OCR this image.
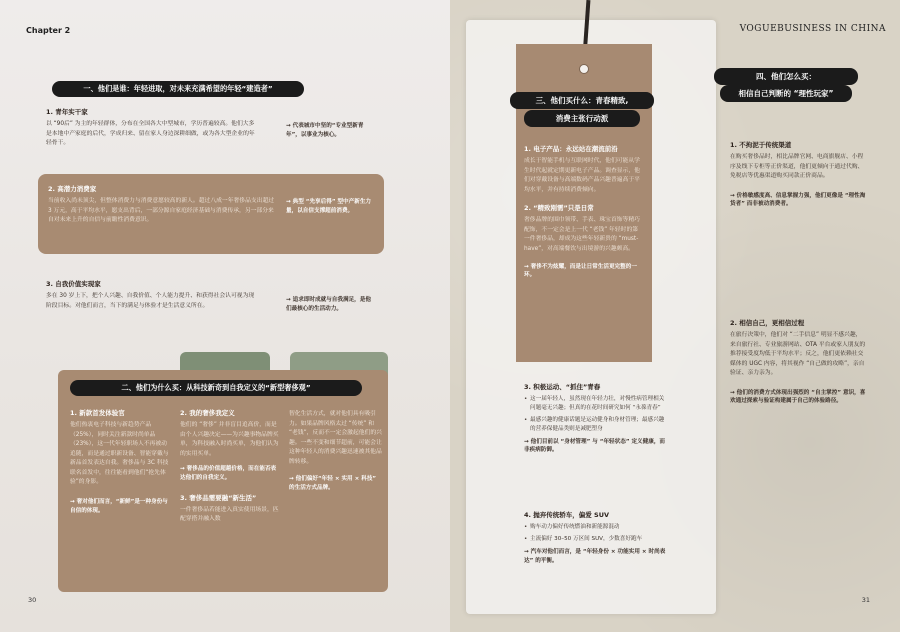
Chapter 2
一、他们是谁：年轻进取，对未来充满希望的年轻“建造者”
1. 青年实干家
以 “90后” 为主的年轻群体，分布在全国各大中型城市，学历普遍较高。他们大多是本地中产家庭的后代，学成归来、留在家人身边深耕细做，或为各大型企业的年轻骨干。
→ 代表城市中坚的“专业型新青年”，以事业为核心。
2. 高潜力消费家
当前收入尚未顶尖，但整体消费力与消费意愿较高的新人。超过八成一年奢侈品支出超过 3 万元，高于平均水平，愿支出背后，一部分源自家庭经济基础与消费传承，另一部分来自对未来上升的自信与前瞻性消费意识。
→ 典型 “先享后得” 型中产新生力量，以自信支撑超前消费。
3. 自我价值实现家
多在 30 岁上下，把个人兴趣、自我价值、个人能力提升、和获得社会认可视为现阶段目标。对他们而言，当下的满足与体验才是生活意义所在。
→ 追求即时成就与自我满足，是他们最核心的生活动力。
二、他们为什么买：从科技新奇到自我定义的“新型奢侈观”
1. 新款首发体验官
他们热衷电子科技与新趋势产品（25%），同时关注新款时尚单品（23%），这一代年轻职场人不再被动追随，而是通过职新设备、智能穿戴与新品首发表达自我。奢侈品与 3C 科技联名首发中，往往能看到他们“抢先体验”的身影。
→ 奢对他们而言，“新鲜”是一种身份与自信的体现。
2. 我的奢侈我定义
他们的 “奢侈” 并非盲目追高价，而是由个人兴趣决定——为兴趣事物品牌买单，为科技融入时尚买单，为他们认为的实用买单。
→ 奢侈品的价值超越价格，而在能否表达他们的自我定义。
3. 奢侈品需要融“新生活”
一件奢侈品若能进入真实使用场景，匹配穿搭并融入数
智化生活方式，就对他们具有吸引力。如果品牌风格太过 “传统” 和 “老钱”，反而不一定会激起他们的兴趣。一些不变和细节超前，可能会让这种年轻人的消费兴趣迅速被其他品牌转移。
→ 他们偏好“年轻 × 实用 × 科技” 的生活方式品牌。
30
VOGUEBUSINESS IN CHINA
1. 电子产品：永远站在潮流前沿
成长于智能手机与互联网时代，他们可能从学生时代起就定期更新电子产品。调查显示，他们对穿戴设备与高端数码产品兴趣普遍高于平均水平，并有持续消费倾向。
2. “精致刚需”只是日常
奢侈品牌的围巾领带、手表、珠宝首饰等精巧配饰，不一定会是上一代 “老钱” 年轻时的第一件奢侈品，却成为这些年轻新贵的 “must-have”，对高端餐饮与出境游的兴趣颇高。
→ 奢侈不为炫耀，而是让日常生活更完整的一环。
三、他们买什么：青春精致,
消费主张行动派
3. 积极运动、“抓住”青春
• 这一届年轻人，虽然现在年轻力壮，对慢性病管理相关问题毫无兴趣；但真的在花时间研究如何 “永葆青春”
• 最感兴趣的健康话题是运动健身和身材管理；最感兴趣的营养保健品类则是减肥塑身
→ 他们目前以 “身材管理” 与 “年轻状态” 定义健康，而非疾病防御。
4. 抛弃传统轿车，偏爱 SUV
• 购车动力偏好传统燃油和新能源混动
• 主流偏好 30–50 万区间 SUV，少数喜好跑车
→ 汽车对他们而言，是 “年轻身份 × 功能实用 × 时尚表达” 的平衡。
四、他们怎么买：
相信自己判断的 “理性玩家”
1. 不拘泥于传统渠道
在购买奢侈品时，相比品牌官网、电商旗舰店、小程序及线下专柜等正价渠道，他们更倾向于通过代购、免税店等优惠渠道购买同款正价商品。
→ 价格敏感度高、信息掌握力强，他们更像是 “理性淘货者” 而非被动消费者。
2. 相信自己，更相信过程
在旅行决策中，他们对 “二手信息” 明显不感兴趣，来自旅行社、专业旅游网站、OTA 平台或家人朋友的推荐接受度均低于平均水平；反之，他们更依赖社交媒体的 UGC 内容，将其视作 “自己做的攻略”，亲自验证、亲力亲为。
→ 他们的消费方式体现出强烈的 “自主掌控” 意识，喜欢通过探索与验证构建属于自己的体验路径。
31
